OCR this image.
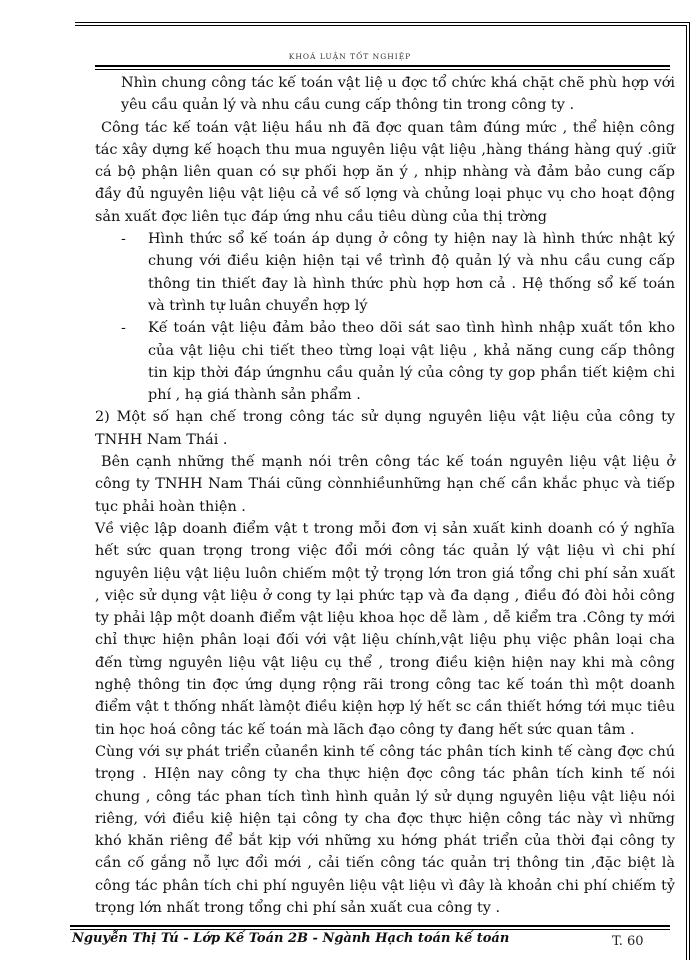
KHOÁ LUẬN TỐT NGHIỆP

Nhìn chung công tác kế toán vật liệ u đợc tổ chức khá chặt chẽ phù hợp với yêu cầu quản lý và nhu cầu cung cấp thông tin trong công ty .

Công tác kế toán vật liệu hầu nh đã đợc quan tâm đúng mức , thể hiện công tác xây dựng kế hoạch thu mua nguyên liệu vật liệu ,hàng tháng hàng quý .giữ cá bộ phận liên quan có sự phối hợp ăn ý , nhịp nhàng và đảm bảo cung cấp đầy đủ nguyên liệu vật liệu cả về số lợng và chủng loại phục vụ cho hoạt động sản xuất đợc liên tục đáp ứng nhu cầu tiêu dùng của thị trờng

-	Hình thức sổ kế toán áp dụng ở công ty hiện nay là hình thức nhật ký chung với điều kiện hiện tại về trình độ quản lý và nhu cầu cung cấp thông tin thiết đay là hình thức phù hợp hơn cả . Hệ thống sổ kế toán và trình tự luân chuyển hợp lý
-	Kế toán vật liệu đảm bảo theo dõi sát sao tình hình nhập xuất tồn kho của vật liệu chi tiết theo từng loại vật liệu , khả năng cung cấp thông tin kịp thời đáp ứngnhu cầu quản lý của công ty gop phần tiết kiệm chi phí , hạ giá thành sản phẩm .

2) Một số hạn chế trong công tác sử dụng nguyên liệu vật liệu của công ty TNHH Nam Thái .

Bên cạnh những thế mạnh nói trên công tác kế toán nguyên liệu vật liệu ở công ty TNHH Nam Thái cũng cònnhiềunhững hạn chế cần khắc phục và tiếp tục phải hoàn thiện .

Về việc lập doanh điểm vật t trong mỗi đơn vị sản xuất kinh doanh có ý nghĩa hết sức quan trọng trong việc đổi mới công tác quản lý vật liệu vì chi phí nguyên liệu vật liệu luôn chiếm một tỷ trọng lớn tron giá tổng chi phí sản xuất , việc sử dụng vật liệu ở cong ty lại phức tạp và đa dạng , điều đó đòi hỏi công ty phải lập một doanh điểm vật liệu khoa học dễ làm , dễ kiểm tra .Công ty mới chỉ thực hiện phân loại đối với vật liệu chính,vật liệu phụ việc phân loại cha đến từng nguyên liệu vật liệu cụ thể , trong điều kiện hiện nay khi mà công nghệ thông tin đợc ứng dụng rộng rãi trong công tac kế toán thì một doanh điểm vật t thống nhất làmột điều kiện hợp lý hết sc cần thiết hớng tới mục tiêu tin học hoá công tác kế toán mà lãch đạo công ty đang hết sức quan tâm .

Cùng với sự phát triển củanền kinh tế công tác phân tích kinh tế càng đợc chú trọng . HIện nay công ty cha thực hiện đợc công tác phân tích kinh tế nói chung , công tác phan tích tình hình quản lý sử dụng nguyên liệu vật liệu nói riêng, với điều kiệ hiện tại công ty cha đợc thực hiện công tác này vì những khó khăn riêng để bắt kịp với những xu hớng phát triển của thời đại công ty cần cố gắng nỗ lực đổi mới , cải tiến công tác quản trị thông tin ,đặc biệt là công tác phân tích chi phí nguyên liệu vật liệu vì đây là khoản chi phí chiếm tỷ trọng lớn nhất trong tổng chi phí sản xuất cua công ty .

Nguyễn Thị Tú - Lớp Kế Toán 2B - Ngành Hạch toán kế toán	T. 60
